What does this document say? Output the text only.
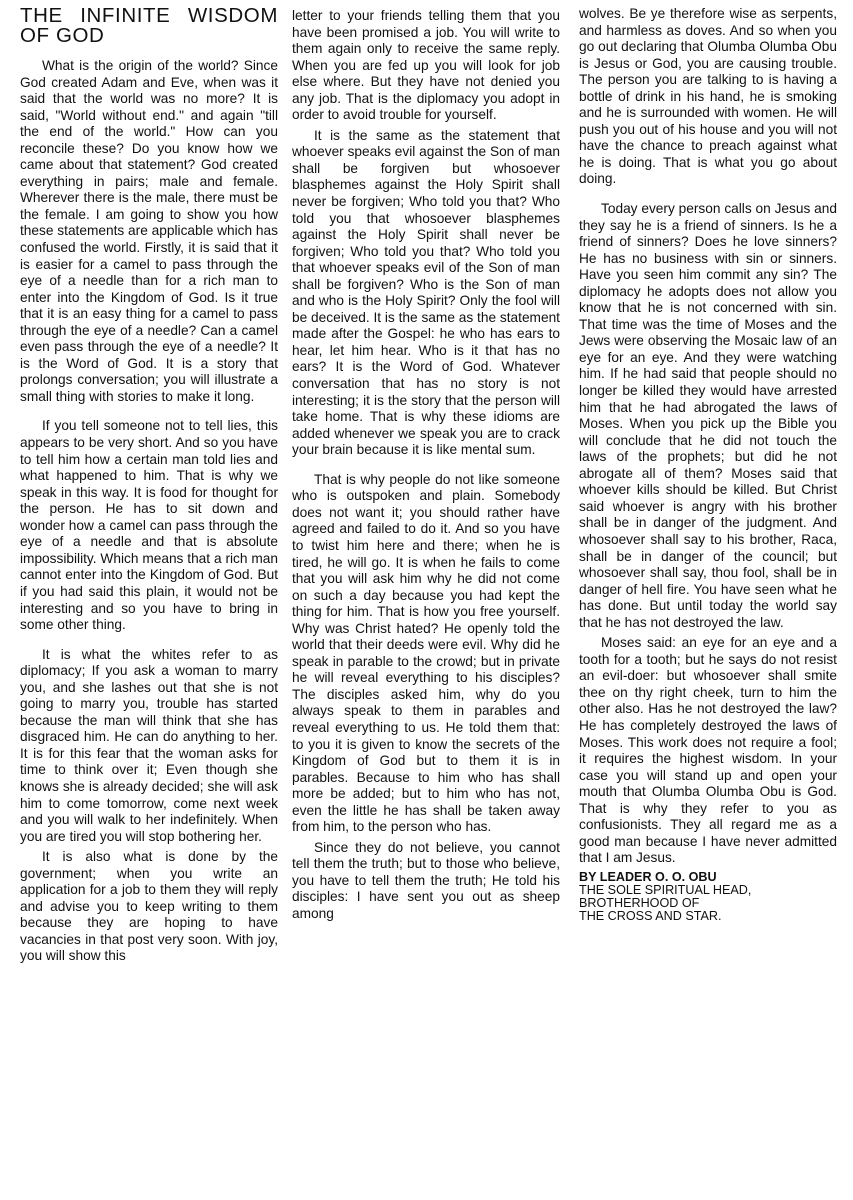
THE INFINITE WISDOM OF GOD

What is the origin of the world? Since God created Adam and Eve, when was it said that the world was no more? It is said, "World without end." and again "till the end of the world." How can you reconcile these? Do you know how we came about that statement? God created everything in pairs; male and female. Wherever there is the male, there must be the female. I am going to show you how these statements are applicable which has confused the world. Firstly, it is said that it is easier for a camel to pass through the eye of a needle than for a rich man to enter into the Kingdom of God. Is it true that it is an easy thing for a camel to pass through the eye of a needle? Can a camel even pass through the eye of a needle? It is the Word of God. It is a story that prolongs conversation; you will illustrate a small thing with stories to make it long.

If you tell someone not to tell lies, this appears to be very short. And so you have to tell him how a certain man told lies and what happened to him. That is why we speak in this way. It is food for thought for the person. He has to sit down and wonder how a camel can pass through the eye of a needle and that is absolute impossibility. Which means that a rich man cannot enter into the Kingdom of God. But if you had said this plain, it would not be interesting and so you have to bring in some other thing.

It is what the whites refer to as diplomacy; If you ask a woman to marry you, and she lashes out that she is not going to marry you, trouble has started because the man will think that she has disgraced him. He can do anything to her. It is for this fear that the woman asks for time to think over it; Even though she knows she is already decided; she will ask him to come tomorrow, come next week and you will walk to her indefinitely. When you are tired you will stop bothering her.

It is also what is done by the government; when you write an application for a job to them they will reply and advise you to keep writing to them because they are hoping to have vacancies in that post very soon. With joy, you will show this

letter to your friends telling them that you have been promised a job. You will write to them again only to receive the same reply. When you are fed up you will look for job else where. But they have not denied you any job. That is the diplomacy you adopt in order to avoid trouble for yourself.

It is the same as the statement that whoever speaks evil against the Son of man shall be forgiven but whosoever blasphemes against the Holy Spirit shall never be forgiven; Who told you that? Who told you that whosoever blasphemes against the Holy Spirit shall never be forgiven; Who told you that? Who told you that whoever speaks evil of the Son of man shall be forgiven? Who is the Son of man and who is the Holy Spirit? Only the fool will be deceived. It is the same as the statement made after the Gospel: he who has ears to hear, let him hear. Who is it that has no ears? It is the Word of God. Whatever conversation that has no story is not interesting; it is the story that the person will take home. That is why these idioms are added whenever we speak you are to crack your brain because it is like mental sum.

That is why people do not like someone who is outspoken and plain. Somebody does not want it; you should rather have agreed and failed to do it. And so you have to twist him here and there; when he is tired, he will go. It is when he fails to come that you will ask him why he did not come on such a day because you had kept the thing for him. That is how you free yourself. Why was Christ hated? He openly told the world that their deeds were evil. Why did he speak in parable to the crowd; but in private he will reveal everything to his disciples? The disciples asked him, why do you always speak to them in parables and reveal everything to us. He told them that: to you it is given to know the secrets of the Kingdom of God but to them it is in parables. Because to him who has shall more be added; but to him who has not, even the little he has shall be taken away from him, to the person who has.

Since they do not believe, you cannot tell them the truth; but to those who believe, you have to tell them the truth; He told his disciples: I have sent you out as sheep among

wolves. Be ye therefore wise as serpents, and harmless as doves. And so when you go out declaring that Olumba Olumba Obu is Jesus or God, you are causing trouble. The person you are talking to is having a bottle of drink in his hand, he is smoking and he is surrounded with women. He will push you out of his house and you will not have the chance to preach against what he is doing. That is what you go about doing.

Today every person calls on Jesus and they say he is a friend of sinners. Is he a friend of sinners? Does he love sinners? He has no business with sin or sinners. Have you seen him commit any sin? The diplomacy he adopts does not allow you know that he is not concerned with sin. That time was the time of Moses and the Jews were observing the Mosaic law of an eye for an eye. And they were watching him. If he had said that people should no longer be killed they would have arrested him that he had abrogated the laws of Moses. When you pick up the Bible you will conclude that he did not touch the laws of the prophets; but did he not abrogate all of them? Moses said that whoever kills should be killed. But Christ said whoever is angry with his brother shall be in danger of the judgment. And whosoever shall say to his brother, Raca, shall be in danger of the council; but whosoever shall say, thou fool, shall be in danger of hell fire. You have seen what he has done. But until today the world say that he has not destroyed the law.

Moses said: an eye for an eye and a tooth for a tooth; but he says do not resist an evil-doer: but whosoever shall smite thee on thy right cheek, turn to him the other also. Has he not destroyed the law? He has completely destroyed the laws of Moses. This work does not require a fool; it requires the highest wisdom. In your case you will stand up and open your mouth that Olumba Olumba Obu is God. That is why they refer to you as confusionists. They all regard me as a good man because I have never admitted that I am Jesus.

BY LEADER O. O. OBU
THE SOLE SPIRITUAL HEAD,
BROTHERHOOD OF
THE CROSS AND STAR.
